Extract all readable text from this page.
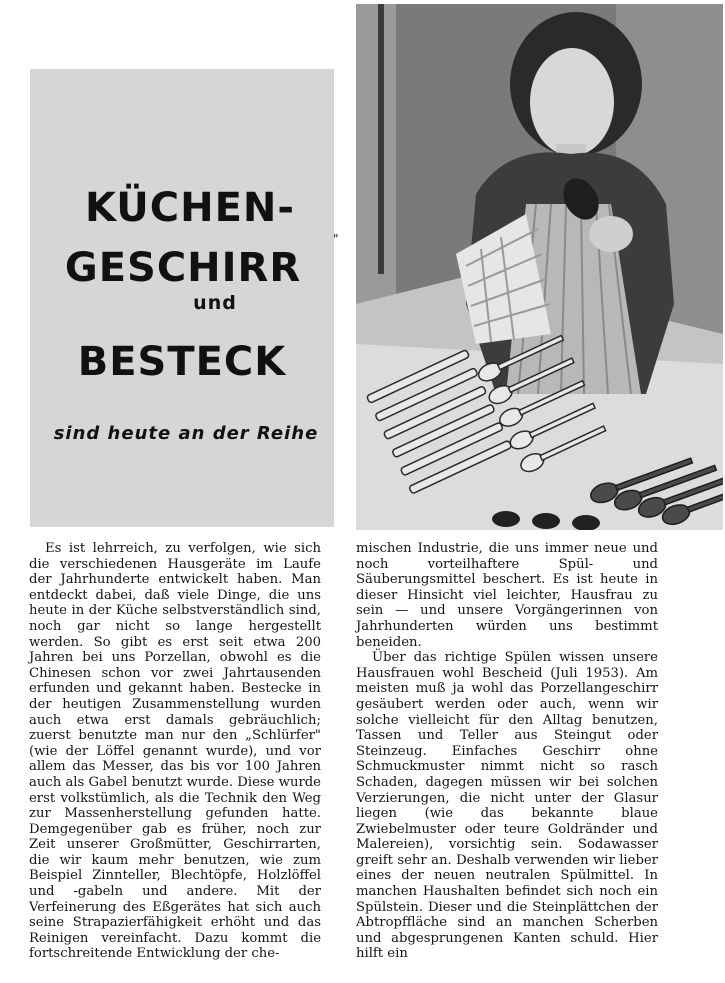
KÜCHEN-
GESCHIRR
und
BESTECK
sind heute an der Reihe
"

Es ist lehrreich, zu verfolgen, wie sich die verschiedenen Hausgeräte im Laufe der Jahrhunderte entwickelt haben. Man entdeckt dabei, daß viele Dinge, die uns heute in der Küche selbstverständlich sind, noch gar nicht so lange hergestellt werden. So gibt es erst seit etwa 200 Jahren bei uns Porzellan, obwohl es die Chinesen schon vor zwei Jahrtausenden erfunden und gekannt haben. Bestecke in der heutigen Zusammenstellung wurden auch etwa erst damals gebräuchlich; zuerst benutzte man nur den „Schlürfer" (wie der Löffel genannt wurde), und vor allem das Messer, das bis vor 100 Jahren auch als Gabel benutzt wurde. Diese wurde erst volkstümlich, als die Technik den Weg zur Massenherstellung gefunden hatte. Demgegenüber gab es früher, noch zur Zeit unserer Großmütter, Geschirrarten, die wir kaum mehr benutzen, wie zum Beispiel Zinnteller, Blechtöpfe, Holzlöffel und -gabeln und andere. Mit der Verfeinerung des Eßgerätes hat sich auch seine Strapazierfähigkeit erhöht und das Reinigen vereinfacht. Dazu kommt die fortschreitende Entwicklung der che-

mischen Industrie, die uns immer neue und noch vorteilhaftere Spül- und Säuberungsmittel beschert. Es ist heute in dieser Hinsicht viel leichter, Hausfrau zu sein — und unsere Vorgängerinnen von Jahrhunderten würden uns bestimmt beneiden.

Über das richtige Spülen wissen unsere Hausfrauen wohl Bescheid (Juli 1953). Am meisten muß ja wohl das Porzellangeschirr gesäubert werden oder auch, wenn wir solche vielleicht für den Alltag benutzen, Tassen und Teller aus Steingut oder Steinzeug. Einfaches Geschirr ohne Schmuckmuster nimmt nicht so rasch Schaden, dagegen müssen wir bei solchen Verzierungen, die nicht unter der Glasur liegen (wie das bekannte blaue Zwiebelmuster oder teure Goldränder und Malereien), vorsichtig sein. Sodawasser greift sehr an. Deshalb verwenden wir lieber eines der neuen neutralen Spülmittel. In manchen Haushalten befindet sich noch ein Spülstein. Dieser und die Steinplättchen der Abtropffläche sind an manchen Scherben und abgesprungenen Kanten schuld. Hier hilft ein
